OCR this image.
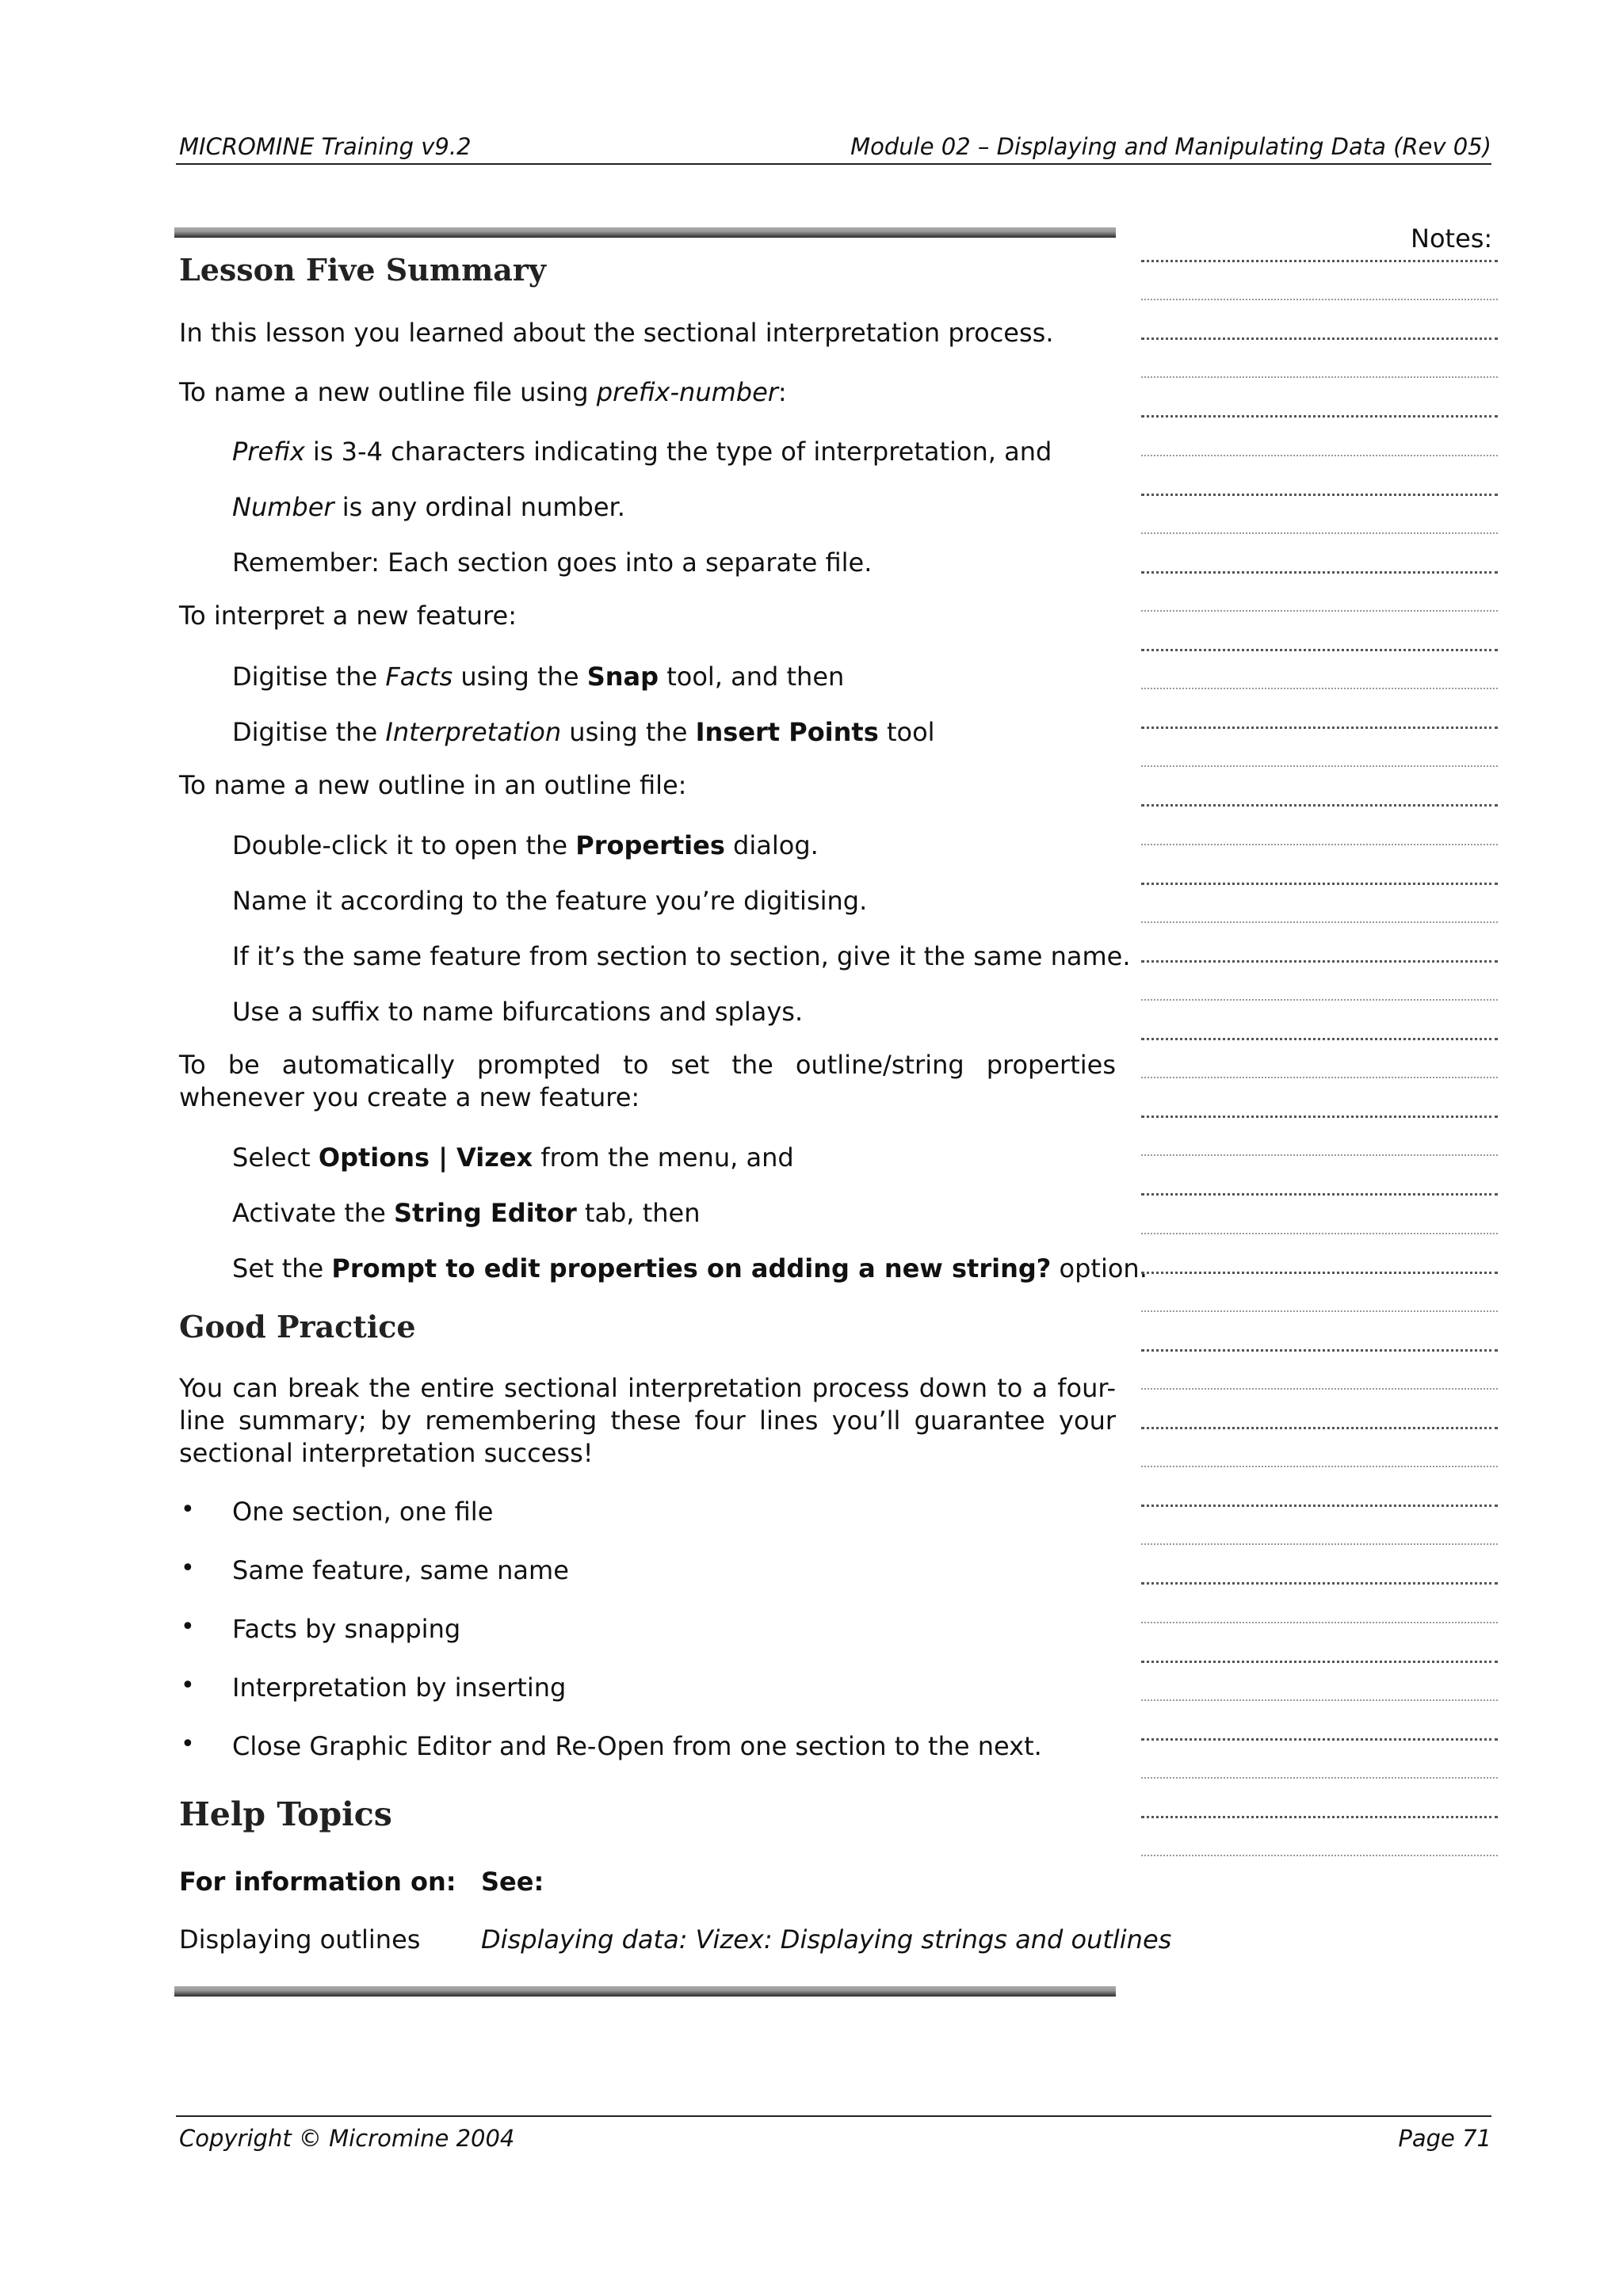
MICROMINE Training v9.2	Module 02 – Displaying and Manipulating Data (Rev 05)
Notes:
Lesson Five Summary
In this lesson you learned about the sectional interpretation process.
To name a new outline file using prefix-number:
Prefix is 3-4 characters indicating the type of interpretation, and
Number is any ordinal number.
Remember: Each section goes into a separate file.
To interpret a new feature:
Digitise the Facts using the Snap tool, and then
Digitise the Interpretation using the Insert Points tool
To name a new outline in an outline file:
Double-click it to open the Properties dialog.
Name it according to the feature you’re digitising.
If it’s the same feature from section to section, give it the same name.
Use a suffix to name bifurcations and splays.
To be automatically prompted to set the outline/string properties whenever you create a new feature:
Select Options | Vizex from the menu, and
Activate the String Editor tab, then
Set the Prompt to edit properties on adding a new string? option.
Good Practice
You can break the entire sectional interpretation process down to a four-line summary; by remembering these four lines you’ll guarantee your sectional interpretation success!
• One section, one file
• Same feature, same name
• Facts by snapping
• Interpretation by inserting
• Close Graphic Editor and Re-Open from one section to the next.
Help Topics
For information on: See:
Displaying outlines Displaying data: Vizex: Displaying strings and outlines
Copyright © Micromine 2004	Page 71
